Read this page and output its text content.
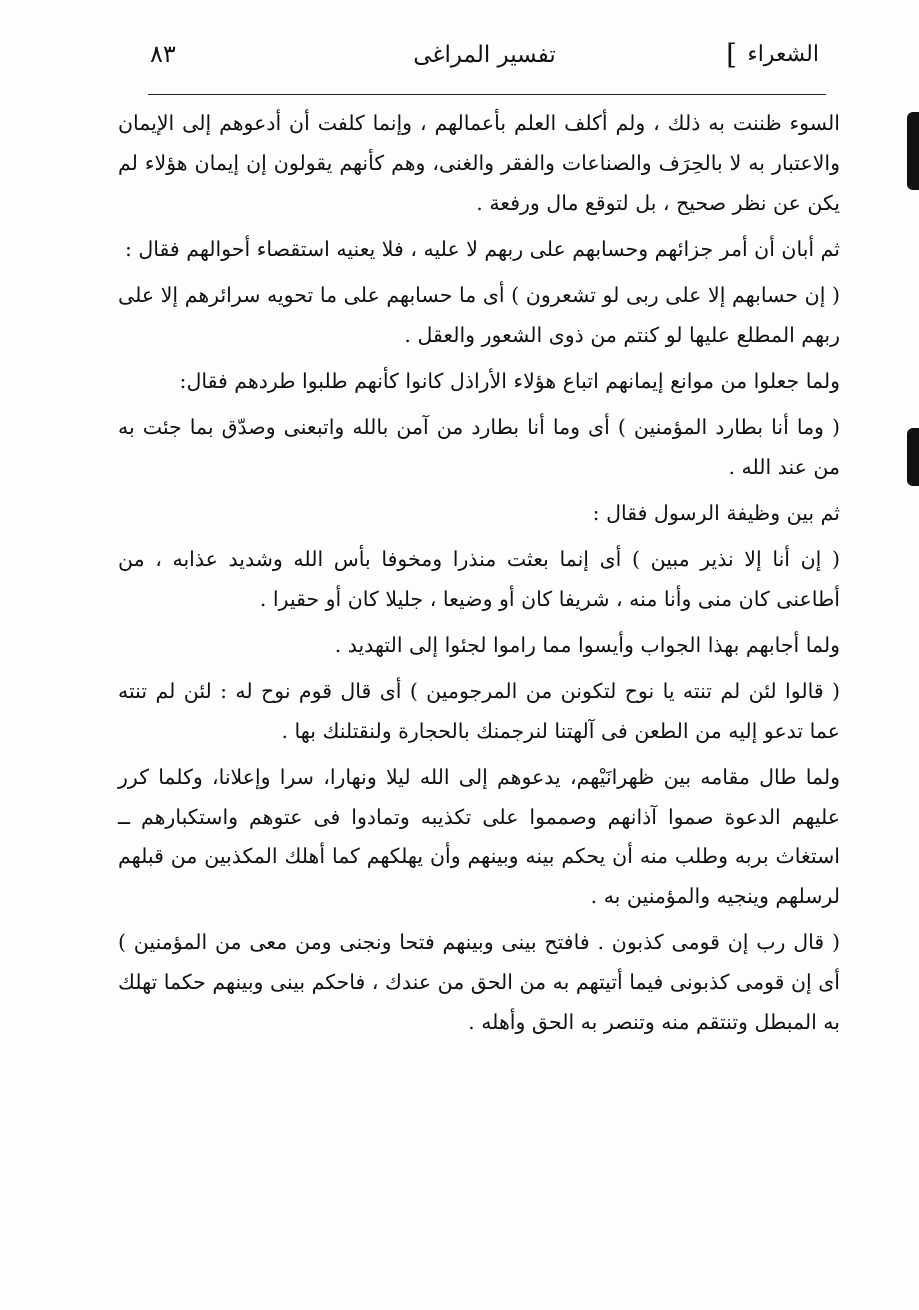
الشعراء
]
تفسير المراغى
٨٣

السوء ظننت به ذلك ، ولم أكلف العلم بأعمالهم ، وإنما كلفت أن أدعوهم إلى الإيمان والاعتبار به لا بالحِرَف والصناعات والفقر والغنى، وهم كأنهم يقولون إن إيمان هؤلاء لم يكن عن نظر صحيح ، بل لتوقع مال ورفعة .

ثم أبان أن أمر جزائهم وحسابهم على ربهم لا عليه ، فلا يعنيه استقصاء أحوالهم فقال :

( إن حسابهم إلا على ربى لو تشعرون ) أى ما حسابهم على ما تحويه سرائرهم إلا على ربهم المطلع عليها لو كنتم من ذوى الشعور والعقل .

ولما جعلوا من موانع إيمانهم اتباع هؤلاء الأراذل كانوا كأنهم طلبوا طردهم فقال:

( وما أنا بطارد المؤمنين ) أى وما أنا بطارد من آمن بالله واتبعنى وصدّق بما جئت به من عند الله .

ثم بين وظيفة الرسول فقال :

( إن أنا إلا نذير مبين ) أى إنما بعثت منذرا ومخوفا بأس الله وشديد عذابه ، من أطاعنى كان منى وأنا منه ، شريفا كان أو وضيعا ، جليلا كان أو حقيرا .

ولما أجابهم بهذا الجواب وأيسوا مما راموا لجئوا إلى التهديد .

( قالوا لئن لم تنته يا نوح لتكونن من المرجومين ) أى قال قوم نوح له : لئن لم تنته عما تدعو إليه من الطعن فى آلهتنا لنرجمنك بالحجارة ولنقتلنك بها .

ولما طال مقامه بين ظهرانَيْهم، يدعوهم إلى الله ليلا ونهارا، سرا وإعلانا، وكلما كرر عليهم الدعوة صموا آذانهم وصمموا على تكذيبه وتمادوا فى عتوهم واستكبارهم ــ استغاث بربه وطلب منه أن يحكم بينه وبينهم وأن يهلكهم كما أهلك المكذبين من قبلهم لرسلهم وينجيه والمؤمنين به .

( قال رب إن قومى كذبون . فافتح بينى وبينهم فتحا ونجنى ومن معى من المؤمنين ) أى إن قومى كذبونى فيما أتيتهم به من الحق من عندك ، فاحكم بينى وبينهم حكما تهلك به المبطل وتنتقم منه وتنصر به الحق وأهله .
